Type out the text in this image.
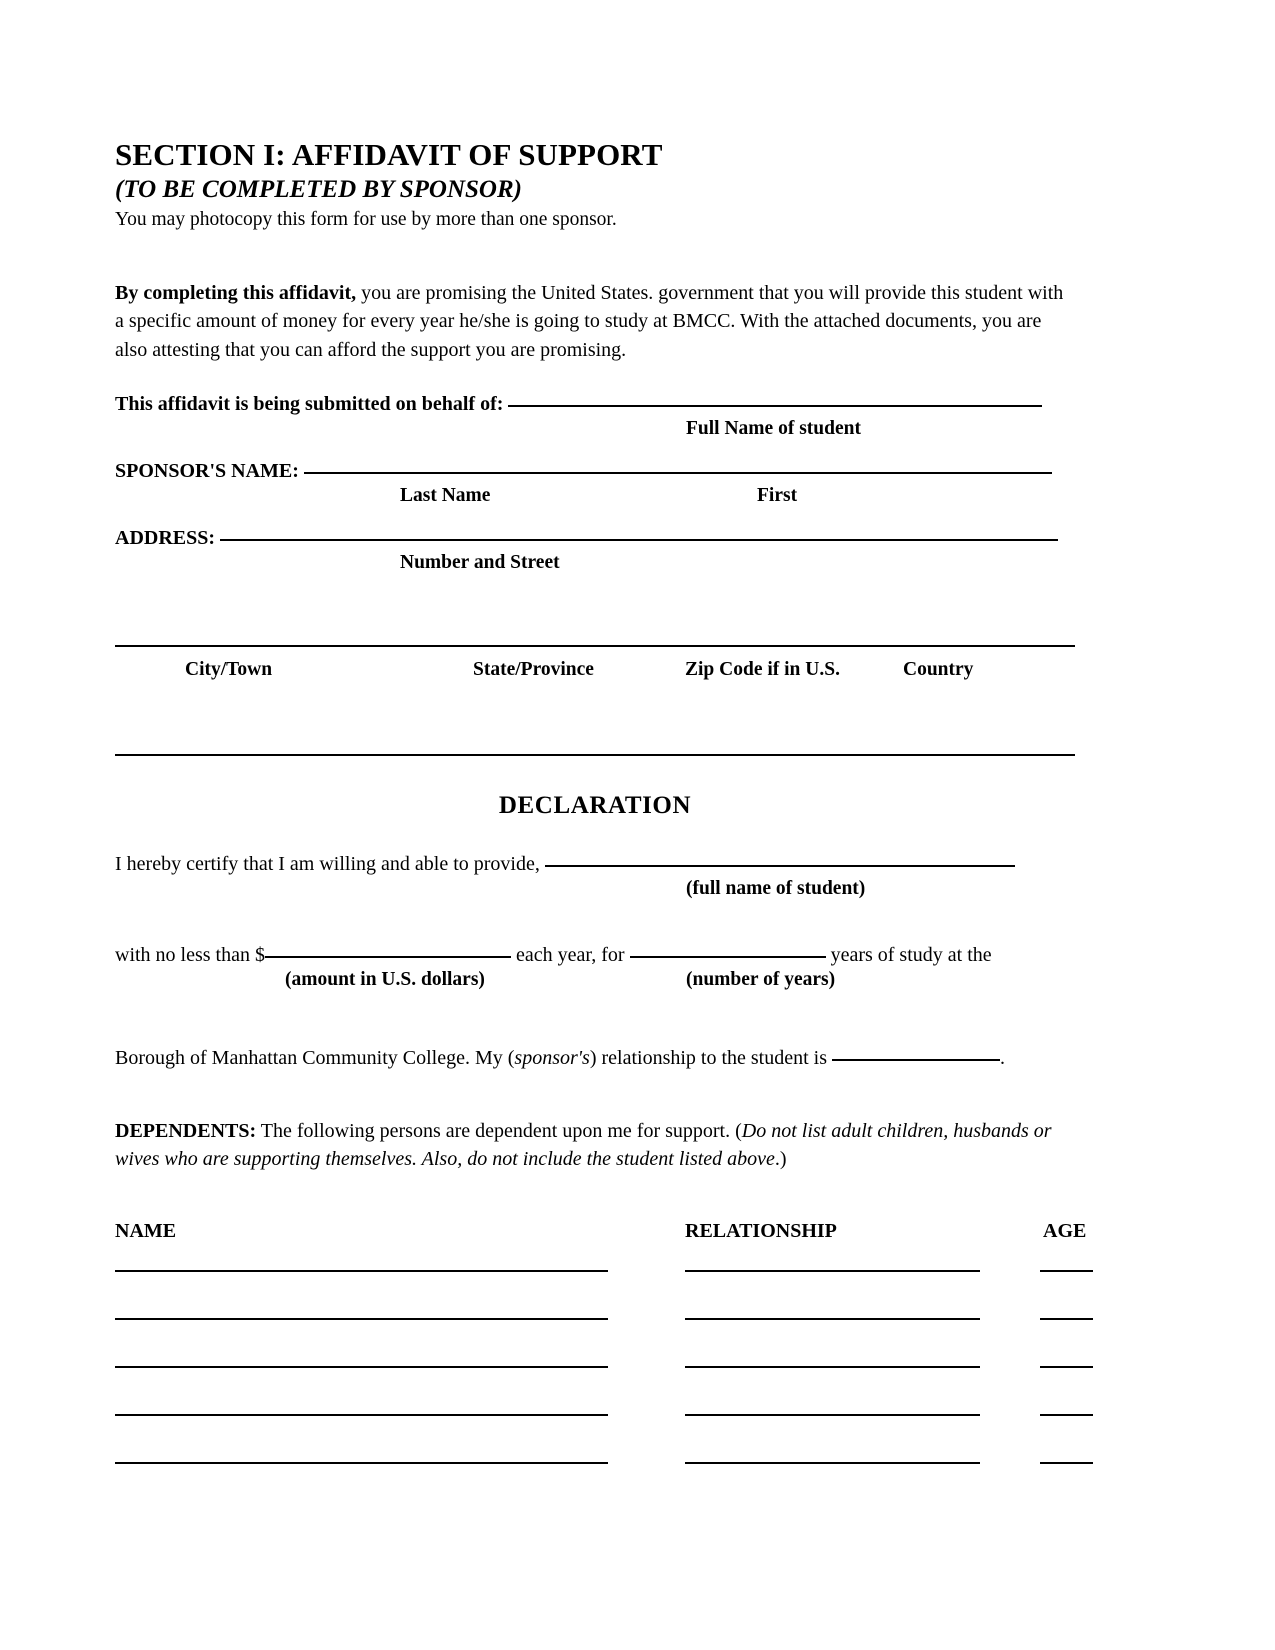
SECTION I: AFFIDAVIT OF SUPPORT
(TO BE COMPLETED BY SPONSOR)
You may photocopy this form for use by more than one sponsor.

By completing this affidavit, you are promising the United States. government that you will provide this student with a specific amount of money for every year he/she is going to study at BMCC. With the attached documents, you are also attesting that you can afford the support you are promising.

This affidavit is being submitted on behalf of:
Full Name of student
SPONSOR'S NAME:
Last Name	First
ADDRESS:
Number and Street
City/Town	State/Province	Zip Code if in U.S.	Country
DECLARATION
I hereby certify that I am willing and able to provide,
(full name of student)
with no less than $	each year, for	years of study at the
(amount in U.S. dollars)	(number of years)
Borough of Manhattan Community College. My (sponsor's) relationship to the student is	.

DEPENDENTS: The following persons are dependent upon me for support. (Do not list adult children, husbands or wives who are supporting themselves. Also, do not include the student listed above.)

NAME	RELATIONSHIP	AGE
